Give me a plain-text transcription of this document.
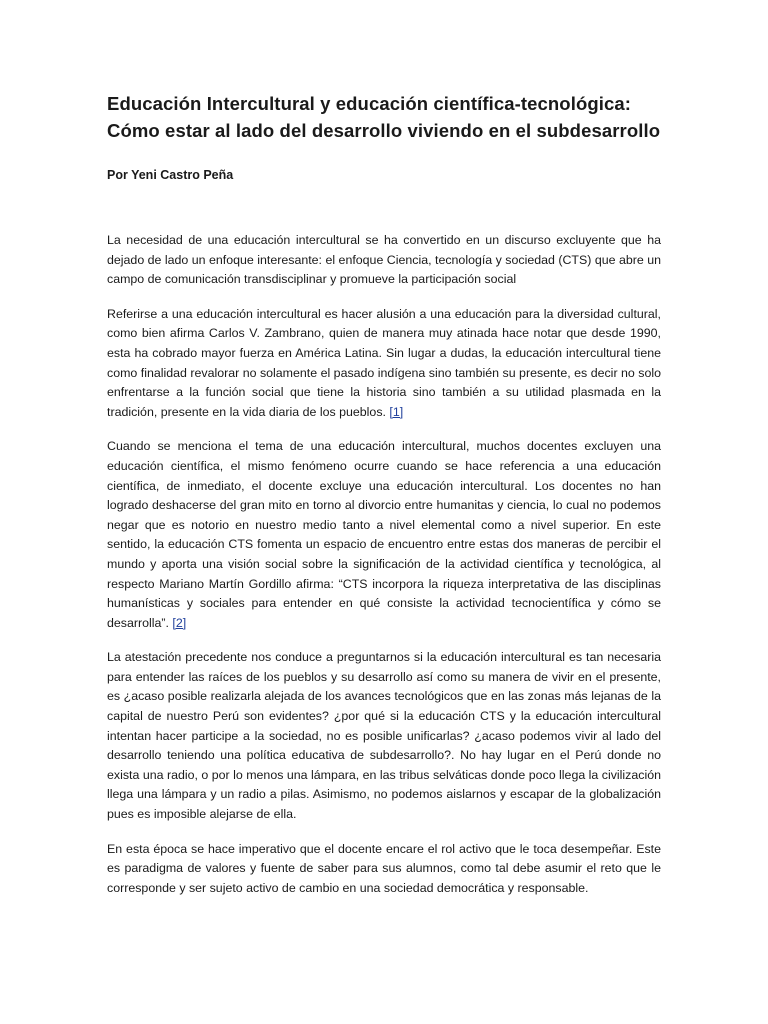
Educación Intercultural y educación científica-tecnológica: Cómo estar al lado del desarrollo viviendo en el subdesarrollo

Por Yeni Castro Peña

La necesidad de una educación intercultural se ha convertido en un discurso excluyente que ha dejado de lado un enfoque interesante: el enfoque Ciencia, tecnología y sociedad (CTS) que abre un campo de comunicación transdisciplinar y promueve la participación social

Referirse a una educación intercultural es hacer alusión a una educación para la diversidad cultural, como bien afirma Carlos V. Zambrano, quien de manera muy atinada hace notar que desde 1990, esta ha cobrado mayor fuerza en América Latina. Sin lugar a dudas, la educación intercultural tiene como finalidad revalorar no solamente el pasado indígena sino también su presente, es decir no solo enfrentarse a la función social que tiene la historia sino también a su utilidad plasmada en la tradición, presente en la vida diaria de los pueblos. [1]

Cuando se menciona el tema de una educación intercultural, muchos docentes excluyen una educación científica, el mismo fenómeno ocurre cuando se hace referencia a una educación científica, de inmediato, el docente excluye una educación intercultural. Los docentes no han logrado deshacerse del gran mito en torno al divorcio entre humanitas y ciencia, lo cual no podemos negar que es notorio en nuestro medio tanto a nivel elemental como a nivel superior. En este sentido, la educación CTS fomenta un espacio de encuentro entre estas dos maneras de percibir el mundo y aporta una visión social sobre la significación de la actividad científica y tecnológica, al respecto Mariano Martín Gordillo afirma: “CTS incorpora la riqueza interpretativa de las disciplinas humanísticas y sociales para entender en qué consiste la actividad tecnocientífica y cómo se desarrolla”. [2]

La atestación precedente nos conduce a preguntarnos si la educación intercultural es tan necesaria para entender las raíces de los pueblos y su desarrollo así como su manera de vivir en el presente, es ¿acaso posible realizarla alejada de los avances tecnológicos que en las zonas más lejanas de la capital de nuestro Perú son evidentes? ¿por qué si la educación CTS y la educación intercultural intentan hacer participe a la sociedad, no es posible unificarlas? ¿acaso podemos vivir al lado del desarrollo teniendo una política educativa de subdesarrollo?. No hay lugar en el Perú donde no exista una radio, o por lo menos una lámpara, en las tribus selváticas donde poco llega la civilización llega una lámpara y un radio a pilas. Asimismo, no podemos aislarnos y escapar de la globalización pues es imposible alejarse de ella.

En esta época se hace imperativo que el docente encare el rol activo que le toca desempeñar. Este es paradigma de valores y fuente de saber para sus alumnos, como tal debe asumir el reto que le corresponde y ser sujeto activo de cambio en una sociedad democrática y responsable.
